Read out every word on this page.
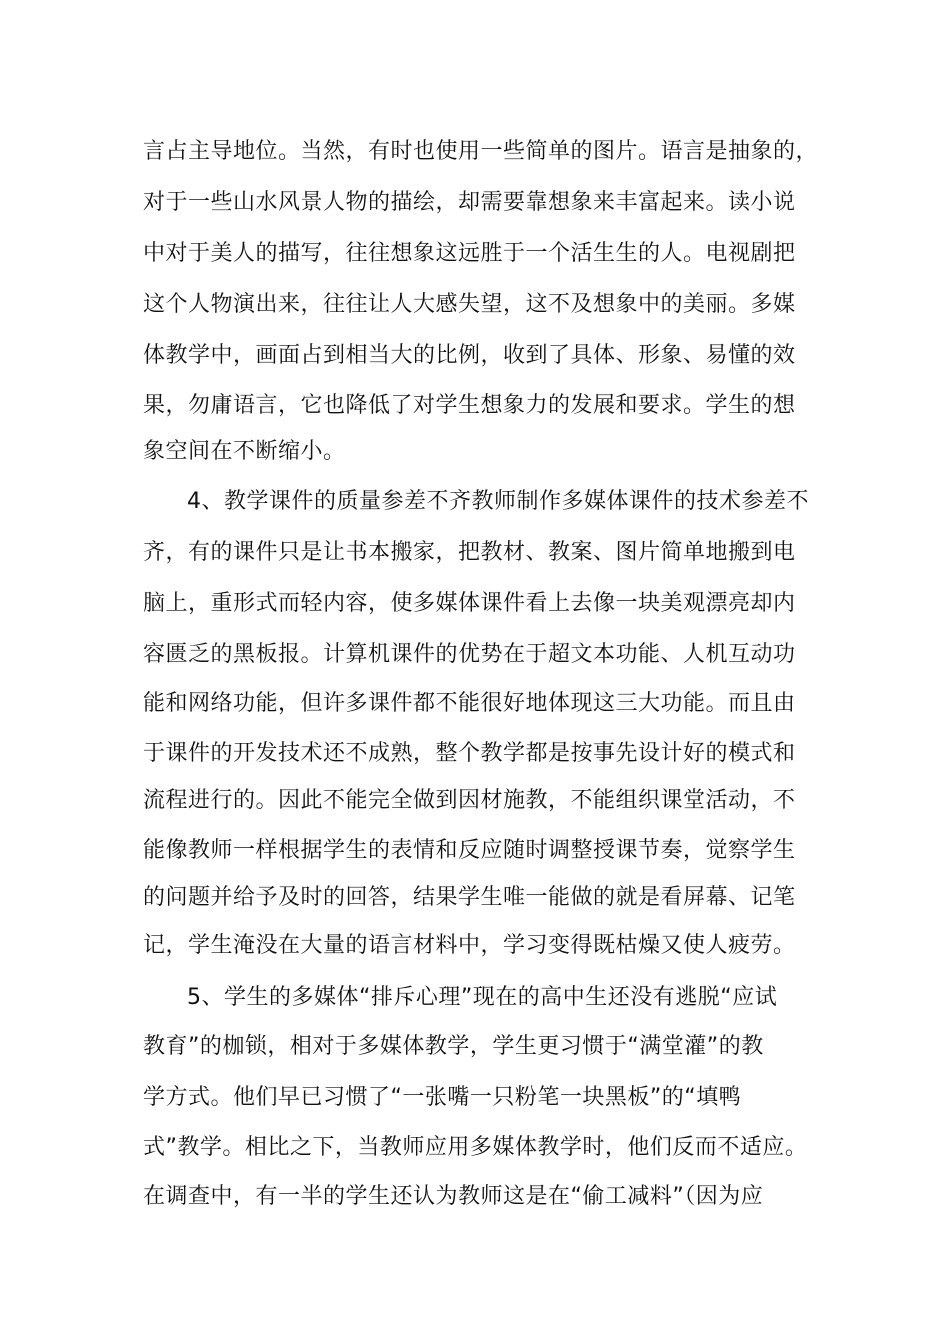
言占主导地位。当然，有时也使用一些简单的图片。语言是抽象的，
对于一些山水风景人物的描绘，却需要靠想象来丰富起来。读小说
中对于美人的描写，往往想象这远胜于一个活生生的人。电视剧把
这个人物演出来，往往让人大感失望，这不及想象中的美丽。多媒
体教学中，画面占到相当大的比例，收到了具体、形象、易懂的效
果，勿庸语言，它也降低了对学生想象力的发展和要求。学生的想
象空间在不断缩小。
4、教学课件的质量参差不齐教师制作多媒体课件的技术参差不
齐，有的课件只是让书本搬家，把教材、教案、图片简单地搬到电
脑上，重形式而轻内容，使多媒体课件看上去像一块美观漂亮却内
容匮乏的黑板报。计算机课件的优势在于超文本功能、人机互动功
能和网络功能，但许多课件都不能很好地体现这三大功能。而且由
于课件的开发技术还不成熟，整个教学都是按事先设计好的模式和
流程进行的。因此不能完全做到因材施教，不能组织课堂活动，不
能像教师一样根据学生的表情和反应随时调整授课节奏，觉察学生
的问题并给予及时的回答，结果学生唯一能做的就是看屏幕、记笔
记，学生淹没在大量的语言材料中，学习变得既枯燥又使人疲劳。
5、学生的多媒体“排斥心理”现在的高中生还没有逃脱“应试
教育”的枷锁，相对于多媒体教学，学生更习惯于“满堂灌”的教
学方式。他们早已习惯了“一张嘴一只粉笔一块黑板”的“填鸭
式”教学。相比之下，当教师应用多媒体教学时，他们反而不适应。
在调查中，有一半的学生还认为教师这是在“偷工减料”（因为应
